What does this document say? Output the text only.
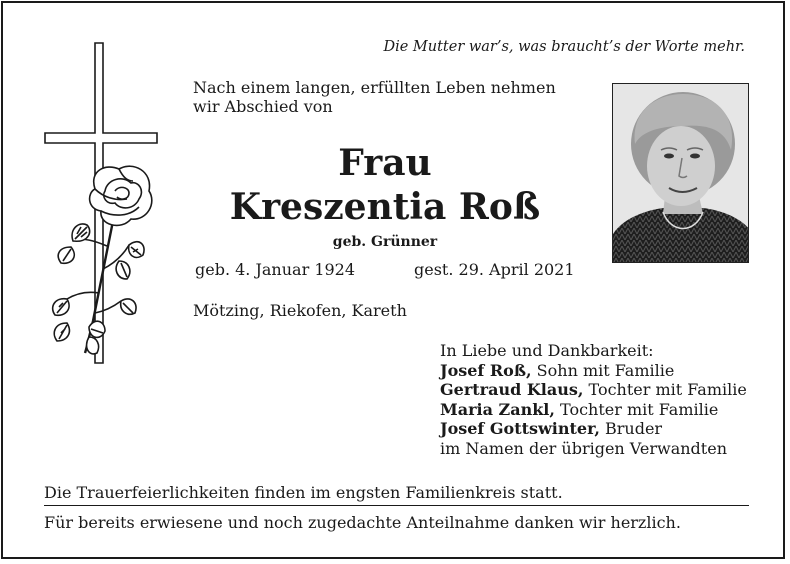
Die Mutter war’s, was braucht’s der Worte mehr.
Nach einem langen, erfüllten Leben nehmen
wir Abschied von
Frau
Kreszentia Roß
geb. Grünner
geb. 4. Januar 1924	gest. 29. April 2021
Mötzing, Riekofen, Kareth
In Liebe und Dankbarkeit:
Josef Roß, Sohn mit Familie
Gertraud Klaus, Tochter mit Familie
Maria Zankl, Tochter mit Familie
Josef Gottswinter, Bruder
im Namen der übrigen Verwandten
Die Trauerfeierlichkeiten finden im engsten Familienkreis statt.
Für bereits erwiesene und noch zugedachte Anteilnahme danken wir herzlich.
